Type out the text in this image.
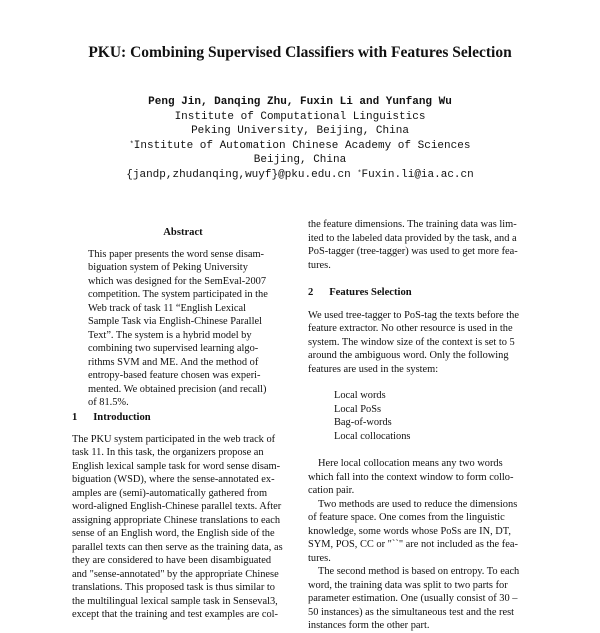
PKU: Combining Supervised Classifiers with Features Selection
Peng Jin, Danqing Zhu, Fuxin Li and Yunfang Wu
Institute of Computational Linguistics
Peking University, Beijing, China
*Institute of Automation Chinese Academy of Sciences
Beijing, China
{jandp,zhudanqing,wuyf}@pku.edu.cn *Fuxin.li@ia.ac.cn
Abstract
This paper presents the word sense disam-
biguation system of Peking University
which was designed for the SemEval-2007
competition. The system participated in the
Web track of task 11 “English Lexical
Sample Task via English-Chinese Parallel
Text”. The system is a hybrid model by
combining two supervised learning algo-
rithms SVM and ME. And the method of
entropy-based feature chosen was experi-
mented. We obtained precision (and recall)
of 81.5%.
1      Introduction
The PKU system participated in the web track of
task 11. In this task, the organizers propose an
English lexical sample task for word sense disam-
biguation (WSD), where the sense-annotated ex-
amples are (semi)-automatically gathered from
word-aligned English-Chinese parallel texts. After
assigning appropriate Chinese translations to each
sense of an English word, the English side of the
parallel texts can then serve as the training data, as
they are considered to have been disambiguated
and "sense-annotated" by the appropriate Chinese
translations. This proposed task is thus similar to
the multilingual lexical sample task in Senseval3,
except that the training and test examples are col-
the feature dimensions. The training data was lim-
ited to the labeled data provided by the task, and a
PoS-tagger (tree-tagger) was used to get more fea-
tures.
2      Features Selection
We used tree-tagger to PoS-tag the texts before the
feature extractor. No other resource is used in the
system. The window size of the context is set to 5
around the ambiguous word. Only the following
features are used in the system:
Local words
Local PoSs
Bag-of-words
Local collocations
Here local collocation means any two words
which fall into the context window to form collo-
cation pair.
Two methods are used to reduce the dimensions
of feature space. One comes from the linguistic
knowledge, some words whose PoSs are IN, DT,
SYM, POS, CC or "``" are not included as the fea-
tures.
The second method is based on entropy. To each
word, the training data was split to two parts for
parameter estimation. One (usually consist of 30 –
50 instances) as the simultaneous test and the rest
instances form the other part.
